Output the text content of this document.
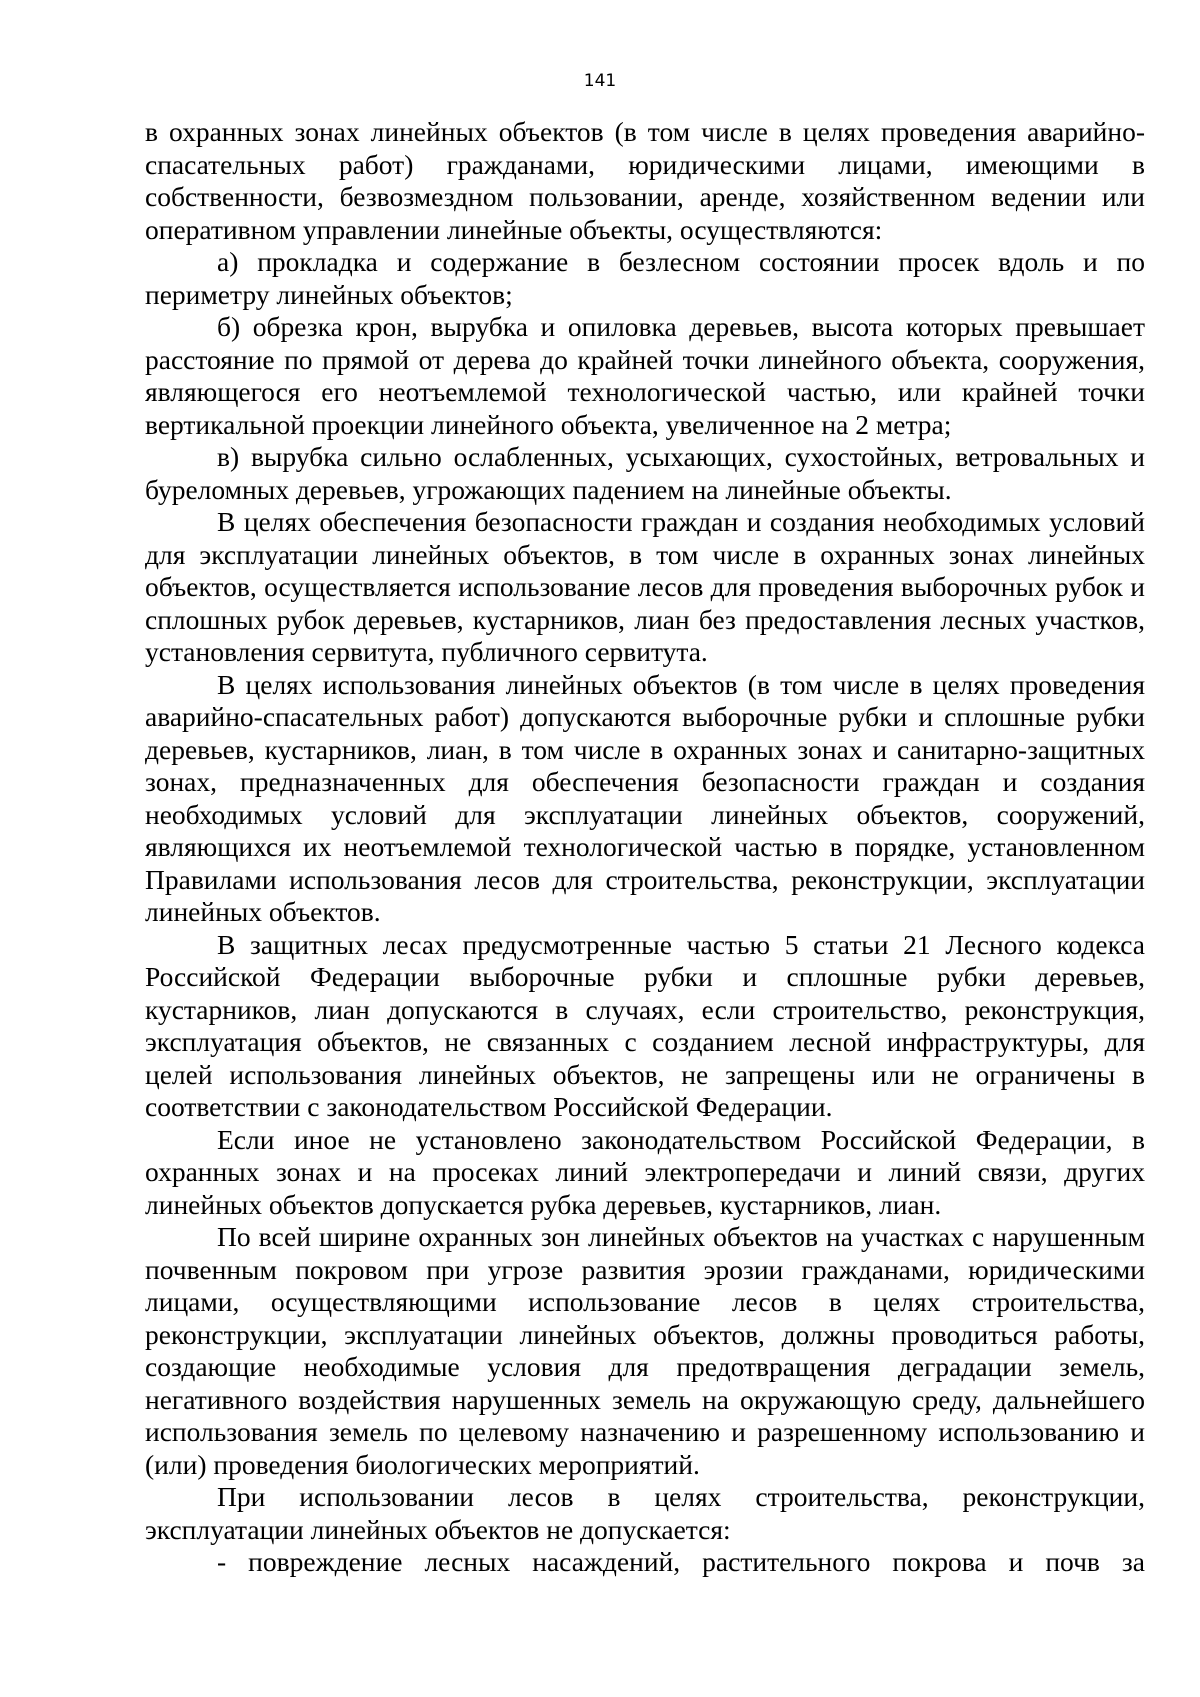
141

в охранных зонах линейных объектов (в том числе в целях проведения аварийно-спасательных работ) гражданами, юридическими лицами, имеющими в собственности, безвозмездном пользовании, аренде, хозяйственном ведении или оперативном управлении линейные объекты, осуществляются:

а) прокладка и содержание в безлесном состоянии просек вдоль и по периметру линейных объектов;

б) обрезка крон, вырубка и опиловка деревьев, высота которых превышает расстояние по прямой от дерева до крайней точки линейного объекта, сооружения, являющегося его неотъемлемой технологической частью, или крайней точки вертикальной проекции линейного объекта, увеличенное на 2 метра;

в) вырубка сильно ослабленных, усыхающих, сухостойных, ветровальных и буреломных деревьев, угрожающих падением на линейные объекты.

В целях обеспечения безопасности граждан и создания необходимых условий для эксплуатации линейных объектов, в том числе в охранных зонах линейных объектов, осуществляется использование лесов для проведения выборочных рубок и сплошных рубок деревьев, кустарников, лиан без предоставления лесных участков, установления сервитута, публичного сервитута.

В целях использования линейных объектов (в том числе в целях проведения аварийно-спасательных работ) допускаются выборочные рубки и сплошные рубки деревьев, кустарников, лиан, в том числе в охранных зонах и санитарно-защитных зонах, предназначенных для обеспечения безопасности граждан и создания необходимых условий для эксплуатации линейных объектов, сооружений, являющихся их неотъемлемой технологической частью в порядке, установленном Правилами использования лесов для строительства, реконструкции, эксплуатации линейных объектов.

В защитных лесах предусмотренные частью 5 статьи 21 Лесного кодекса Российской Федерации выборочные рубки и сплошные рубки деревьев, кустарников, лиан допускаются в случаях, если строительство, реконструкция, эксплуатация объектов, не связанных с созданием лесной инфраструктуры, для целей использования линейных объектов, не запрещены или не ограничены в соответствии с законодательством Российской Федерации.

Если иное не установлено законодательством Российской Федерации, в охранных зонах и на просеках линий электропередачи и линий связи, других линейных объектов допускается рубка деревьев, кустарников, лиан.

По всей ширине охранных зон линейных объектов на участках с нарушенным почвенным покровом при угрозе развития эрозии гражданами, юридическими лицами, осуществляющими использование лесов в целях строительства, реконструкции, эксплуатации линейных объектов, должны проводиться работы, создающие необходимые условия для предотвращения деградации земель, негативного воздействия нарушенных земель на окружающую среду, дальнейшего использования земель по целевому назначению и разрешенному использованию и (или) проведения биологических мероприятий.

При использовании лесов в целях строительства, реконструкции, эксплуатации линейных объектов не допускается:

- повреждение лесных насаждений, растительного покрова и почв за
